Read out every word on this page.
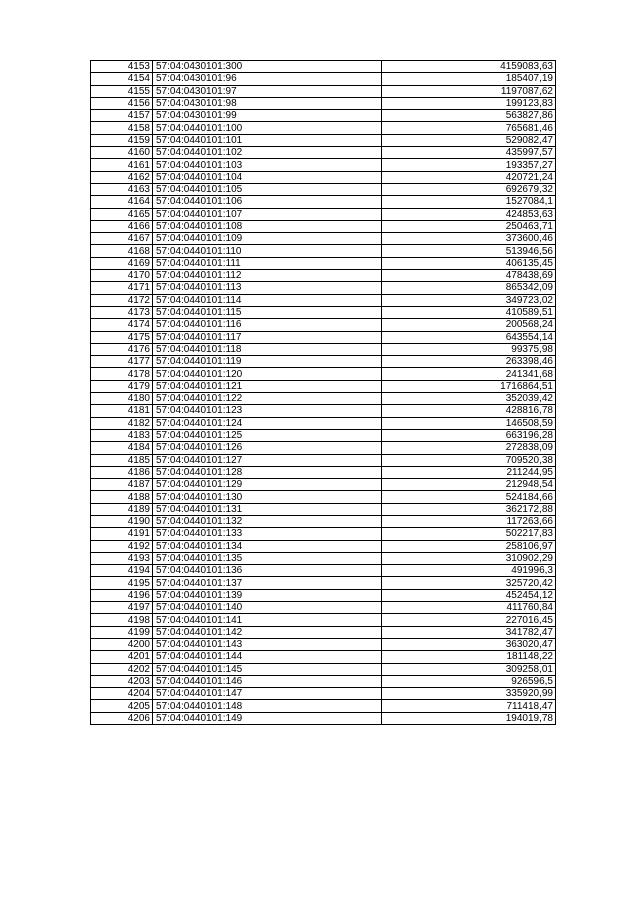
4153	57:04:0430101:300	4159083,63
4154	57:04:0430101:96	185407,19
4155	57:04:0430101:97	1197087,62
4156	57:04:0430101:98	199123,83
4157	57:04:0430101:99	563827,86
4158	57:04:0440101:100	765681,46
4159	57:04:0440101:101	529082,47
4160	57:04:0440101:102	435997,57
4161	57:04:0440101:103	193357,27
4162	57:04:0440101:104	420721,24
4163	57:04:0440101:105	692679,32
4164	57:04:0440101:106	1527084,1
4165	57:04:0440101:107	424853,63
4166	57:04:0440101:108	250463,71
4167	57:04:0440101:109	373600,46
4168	57:04:0440101:110	513946,56
4169	57:04:0440101:111	406135,45
4170	57:04:0440101:112	478438,69
4171	57:04:0440101:113	865342,09
4172	57:04:0440101:114	349723,02
4173	57:04:0440101:115	410589,51
4174	57:04:0440101:116	200568,24
4175	57:04:0440101:117	643554,14
4176	57:04:0440101:118	99375,98
4177	57:04:0440101:119	263398,46
4178	57:04:0440101:120	241341,68
4179	57:04:0440101:121	1716864,51
4180	57:04:0440101:122	352039,42
4181	57:04:0440101:123	428816,78
4182	57:04:0440101:124	146508,59
4183	57:04:0440101:125	663196,28
4184	57:04:0440101:126	272838,09
4185	57:04:0440101:127	709520,38
4186	57:04:0440101:128	211244,95
4187	57:04:0440101:129	212948,54
4188	57:04:0440101:130	524184,66
4189	57:04:0440101:131	362172,88
4190	57:04:0440101:132	117263,66
4191	57:04:0440101:133	502217,83
4192	57:04:0440101:134	258106,97
4193	57:04:0440101:135	310902,29
4194	57:04:0440101:136	491996,3
4195	57:04:0440101:137	325720,42
4196	57:04:0440101:139	452454,12
4197	57:04:0440101:140	411760,84
4198	57:04:0440101:141	227016,45
4199	57:04:0440101:142	341782,47
4200	57:04:0440101:143	363020,47
4201	57:04:0440101:144	181148,22
4202	57:04:0440101:145	309258,01
4203	57:04:0440101:146	926596,5
4204	57:04:0440101:147	335920,99
4205	57:04:0440101:148	711418,47
4206	57:04:0440101:149	194019,78
